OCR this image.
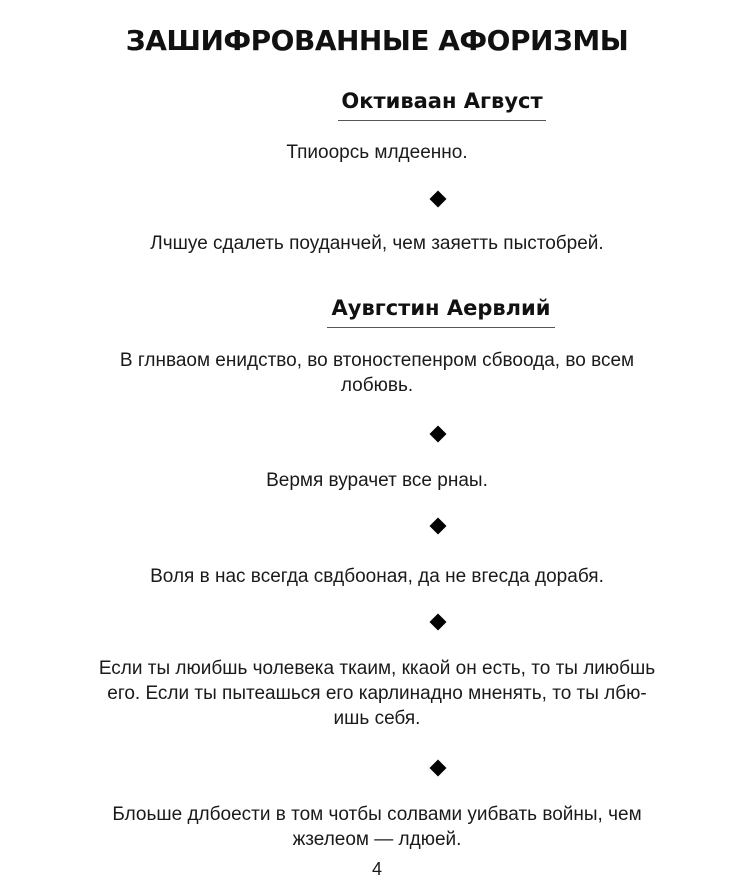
ЗАШИФРОВАННЫЕ АФОРИЗМЫ
Октиваан Агвуст
Тпиоорсь млдеенно.
Лчшуе сдалеть поуданчей, чем заяетть пыстобрей.
Аувгстин Аервлий
В глнваом енидство, во втоностепенром сбвоода, во всем
лобювь.
Вермя вурачет все рнаы.
Воля в нас всегда свдбооная, да не вгесда дорабя.
Если ты люибшь чолевека ткаим, ккаой он есть, то ты лиюбшь
его. Если ты пытеашься его карлинадно мненять, то ты лбю-
ишь себя.
Блоьше длбоести в том чотбы солвами уибвать войны, чем
жзелеом — лдюей.
4
